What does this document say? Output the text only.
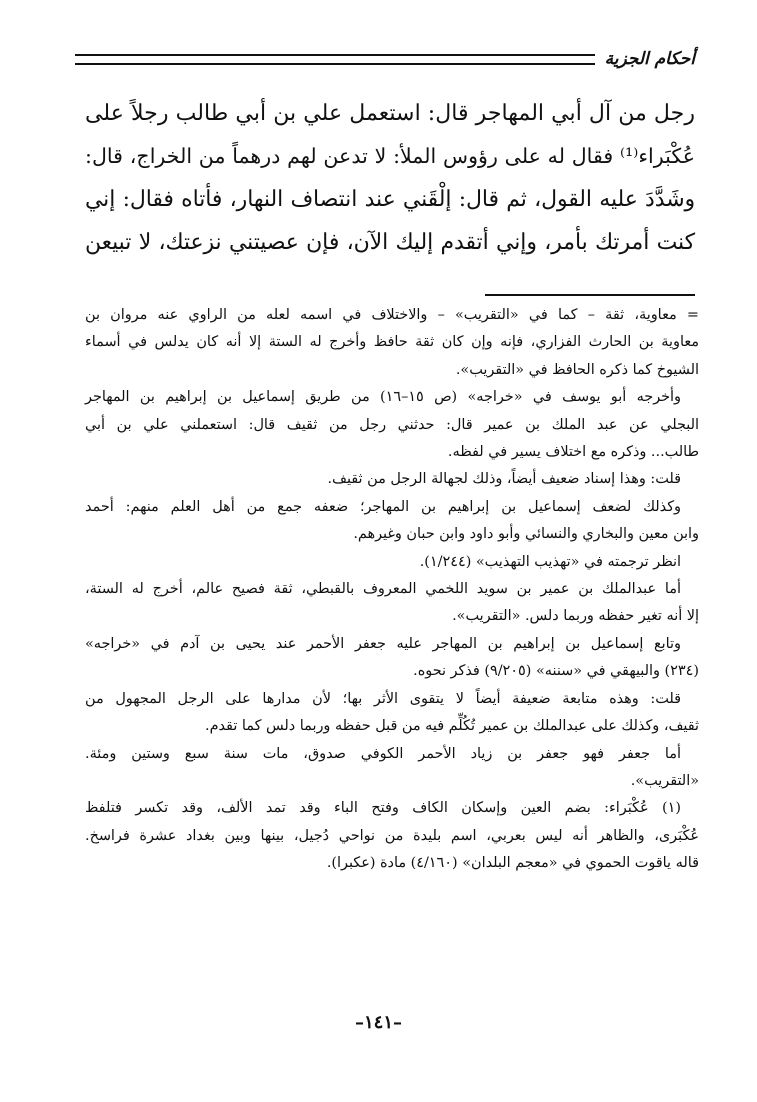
أحكام الجزية

رجل من آل أبي المهاجر قال: استعمل علي بن أبي طالب رجلاً على

عُكْبَراء⁽¹⁾ فقال له على رؤوس الملأ: لا تدعن لهم درهماً من الخراج، قال:

وشَدَّدَ عليه القول، ثم قال: إلْقَني عند انتصاف النهار، فأتاه فقال: إني

كنت أمرتك بأمر، وإني أتقدم إليك الآن، فإن عصيتني نزعتك، لا تبيعن

= معاوية، ثقة – كما في «التقريب» – والاختلاف في اسمه لعله من الراوي عنه مروان بن

معاوية بن الحارث الفزاري، فإنه وإن كان ثقة حافظ وأخرج له الستة إلا أنه كان يدلس في أسماء

الشيوخ كما ذكره الحافظ في «التقريب».

وأخرجه أبو يوسف في «خراجه» (ص ١٥–١٦) من طريق إسماعيل بن إبراهيم بن المهاجر

البجلي عن عبد الملك بن عمير قال: حدثني رجل من ثقيف قال: استعملني علي بن أبي

طالب... وذكره مع اختلاف يسير في لفظه.

قلت: وهذا إسناد ضعيف أيضاً، وذلك لجهالة الرجل من ثقيف.

وكذلك لضعف إسماعيل بن إبراهيم بن المهاجر؛ ضعفه جمع من أهل العلم منهم: أحمد

وابن معين والبخاري والنسائي وأبو داود وابن حبان وغيرهم.

انظر ترجمته في «تهذيب التهذيب» (١/٢٤٤).

أما عبدالملك بن عمير بن سويد اللخمي المعروف بالقبطي، ثقة فصيح عالم، أخرج له الستة،

إلا أنه تغير حفظه وربما دلس. «التقريب».

وتابع إسماعيل بن إبراهيم بن المهاجر عليه جعفر الأحمر عند يحيى بن آدم في «خراجه»

(٢٣٤) والبيهقي في «سننه» (٩/٢٠٥) فذكر نحوه.

قلت: وهذه متابعة ضعيفة أيضاً لا يتقوى الأثر بها؛ لأن مدارها على الرجل المجهول من

ثقيف، وكذلك على عبدالملك بن عمير تُكُلِّم فيه من قبل حفظه وربما دلس كما تقدم.

أما جعفر فهو جعفر بن زياد الأحمر الكوفي صدوق، مات سنة سبع وستين ومئة.

«التقريب».

(١) عُكْبَراء: بضم العين وإسكان الكاف وفتح الباء وقد تمد الألف، وقد تكسر فتلفظ

عُكْبَرى، والظاهر أنه ليس بعربي، اسم بليدة من نواحي دُجيل، بينها وبين بغداد عشرة فراسخ.

قاله ياقوت الحموي في «معجم البلدان» (٤/١٦٠) مادة (عكبرا).

–١٤١–
